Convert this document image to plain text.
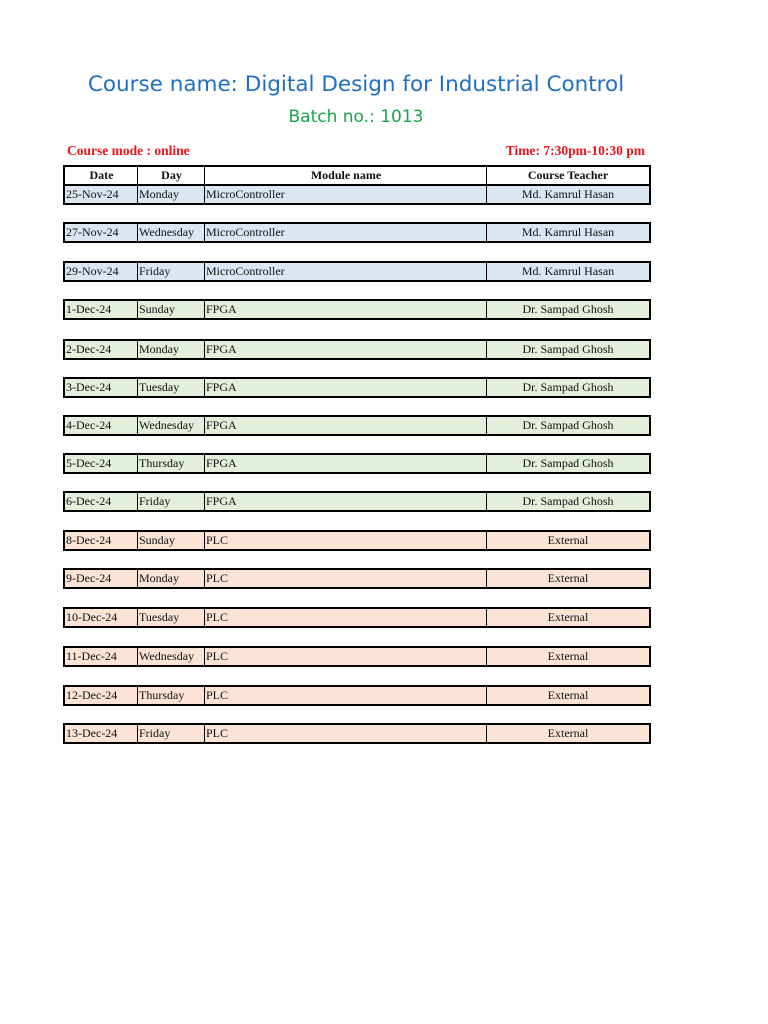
Course name: Digital Design for Industrial Control
Batch no.: 1013
Course mode : online	Time: 7:30pm-10:30 pm
Date	Day	Module name	Course Teacher
25-Nov-24	Monday	MicroController	Md. Kamrul Hasan
27-Nov-24	Wednesday MicroController	Md. Kamrul Hasan
29-Nov-24	Friday	MicroController	Md. Kamrul Hasan
1-Dec-24	Sunday	FPGA	Dr. Sampad Ghosh
2-Dec-24	Monday	FPGA	Dr. Sampad Ghosh
3-Dec-24	Tuesday	FPGA	Dr. Sampad Ghosh
4-Dec-24	Wednesday FPGA	Dr. Sampad Ghosh
5-Dec-24	Thursday	FPGA	Dr. Sampad Ghosh
6-Dec-24	Friday	FPGA	Dr. Sampad Ghosh
8-Dec-24	Sunday	PLC	External
9-Dec-24	Monday	PLC	External
10-Dec-24	Tuesday	PLC	External
11-Dec-24	Wednesday PLC	External
12-Dec-24	Thursday	PLC	External
13-Dec-24	Friday	PLC	External
